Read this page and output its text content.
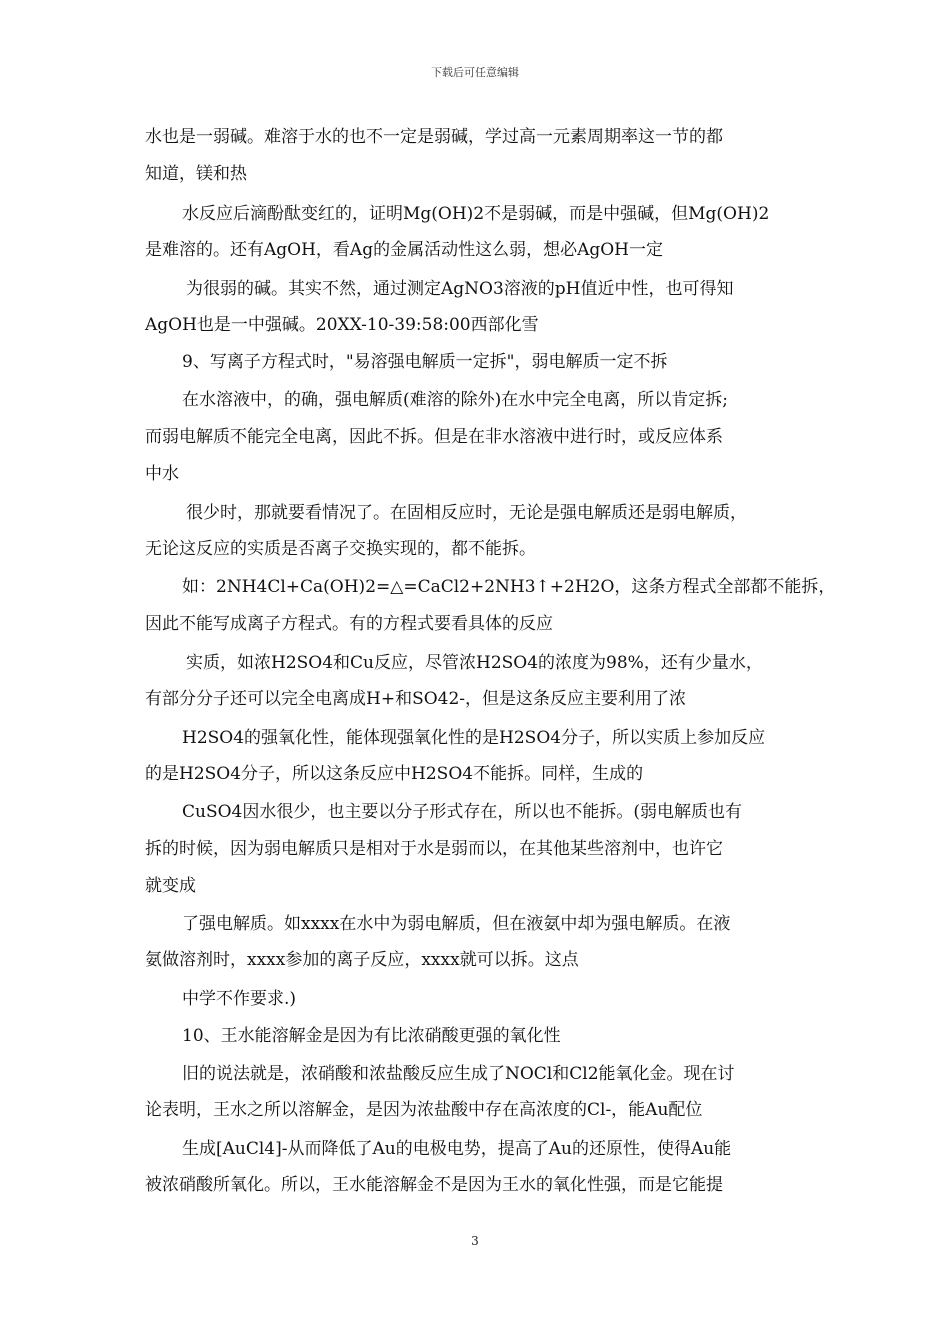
下载后可任意编辑
水也是一弱碱。难溶于水的也不一定是弱碱，学过高一元素周期率这一节的都
知道，镁和热
水反应后滴酚酞变红的，证明Mg(OH)2不是弱碱，而是中强碱，但Mg(OH)2
是难溶的。还有AgOH，看Ag的金属活动性这么弱，想必AgOH一定
为很弱的碱。其实不然，通过测定AgNO3溶液的pH值近中性，也可得知
AgOH也是一中强碱。20XX-10-39:58:00西部化雪
9、写离子方程式时，"易溶强电解质一定拆"，弱电解质一定不拆
在水溶液中，的确，强电解质(难溶的除外)在水中完全电离，所以肯定拆;
而弱电解质不能完全电离，因此不拆。但是在非水溶液中进行时，或反应体系
中水
很少时，那就要看情况了。在固相反应时，无论是强电解质还是弱电解质，
无论这反应的实质是否离子交换实现的，都不能拆。
如：2NH4Cl+Ca(OH)2=△=CaCl2+2NH3↑+2H2O，这条方程式全部都不能拆，
因此不能写成离子方程式。有的方程式要看具体的反应
实质，如浓H2SO4和Cu反应，尽管浓H2SO4的浓度为98%，还有少量水，
有部分分子还可以完全电离成H+和SO42-，但是这条反应主要利用了浓
H2SO4的强氧化性，能体现强氧化性的是H2SO4分子，所以实质上参加反应
的是H2SO4分子，所以这条反应中H2SO4不能拆。同样，生成的
CuSO4因水很少，也主要以分子形式存在，所以也不能拆。(弱电解质也有
拆的时候，因为弱电解质只是相对于水是弱而以，在其他某些溶剂中，也许它
就变成
了强电解质。如xxxx在水中为弱电解质，但在液氨中却为强电解质。在液
氨做溶剂时，xxxx参加的离子反应，xxxx就可以拆。这点
中学不作要求.)
10、王水能溶解金是因为有比浓硝酸更强的氧化性
旧的说法就是，浓硝酸和浓盐酸反应生成了NOCl和Cl2能氧化金。现在讨
论表明，王水之所以溶解金，是因为浓盐酸中存在高浓度的Cl-，能Au配位
生成[AuCl4]-从而降低了Au的电极电势，提高了Au的还原性，使得Au能
被浓硝酸所氧化。所以，王水能溶解金不是因为王水的氧化性强，而是它能提
3
